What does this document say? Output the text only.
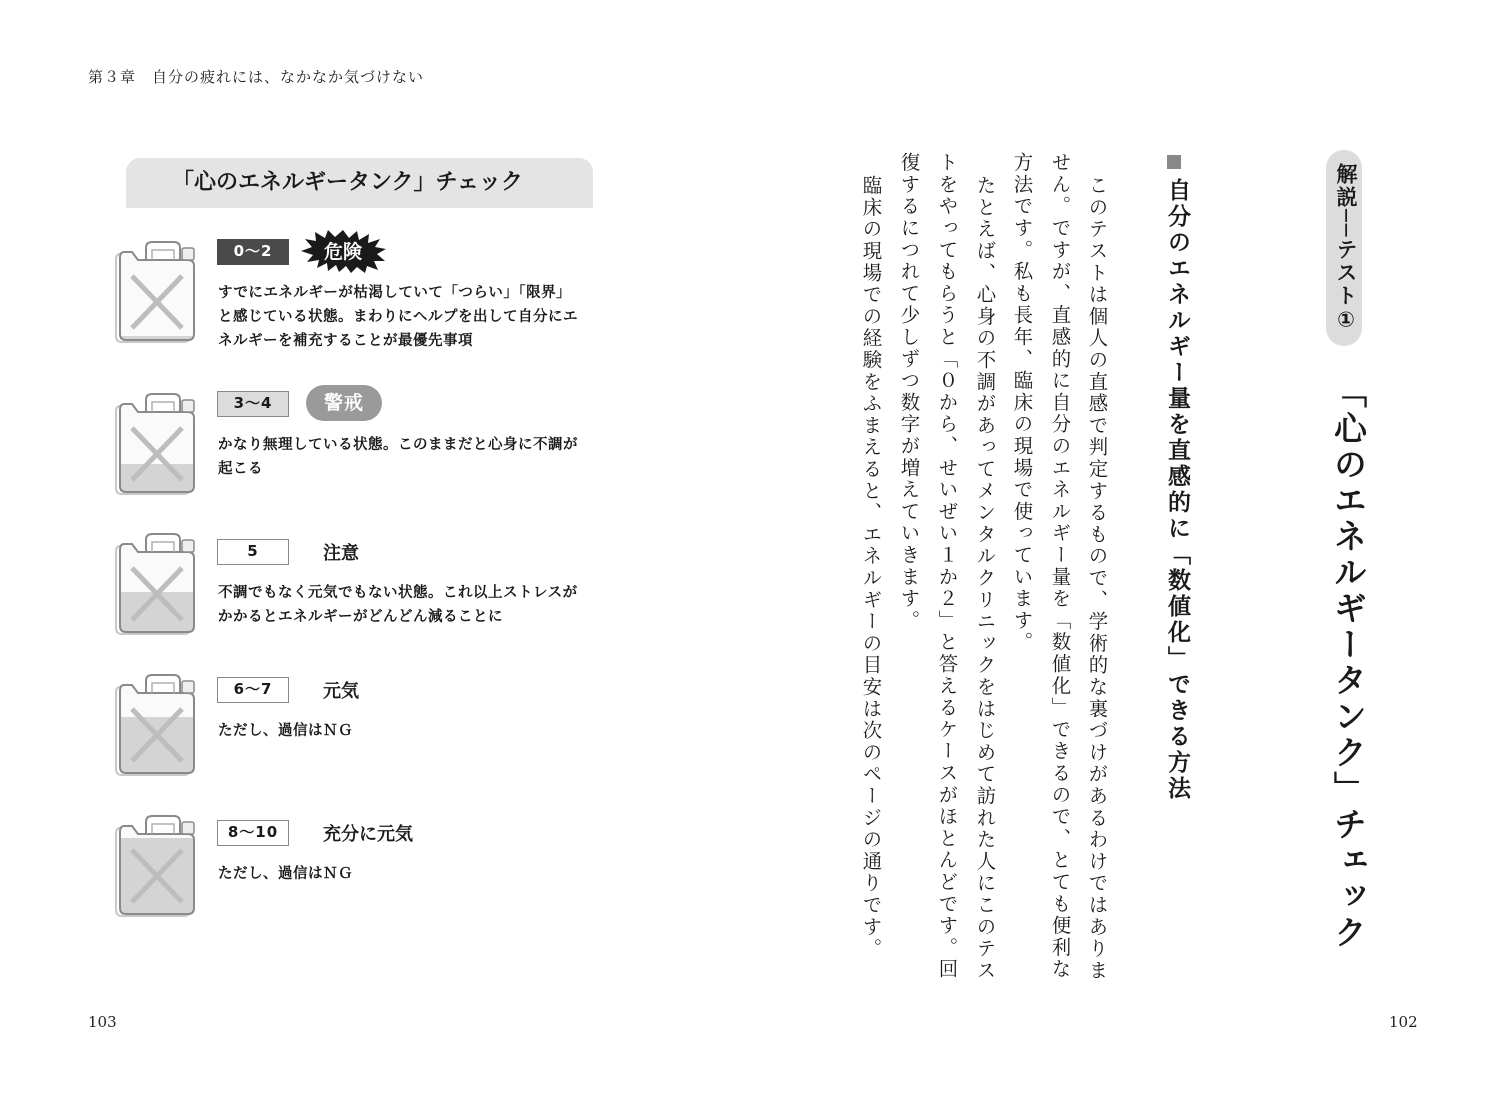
第３章　自分の疲れには、なかなか気づけない
103	102
「心のエネルギータンク」チェック
0～2	危険
すでにエネルギーが枯渇していて「つらい」「限界」
と感じている状態。まわりにヘルプを出して自分にエ
ネルギーを補充することが最優先事項
3～4	警戒
かなり無理している状態。このままだと心身に不調が
起こる
5	注意
不調でもなく元気でもない状態。これ以上ストレスが
かかるとエネルギーがどんどん減ることに
6～7	元気
ただし、過信はＮＧ
8～10	充分に元気
ただし、過信はＮＧ
解説──テスト①
「心のエネルギータンク」チェック
自分のエネルギー量を直感的に「数値化」できる方法
このテストは個人の直感で判定するもので、学術的な裏づけがあるわけではありま
せん。ですが、直感的に自分のエネルギー量を「数値化」できるので、とても便利な
方法です。私も長年、臨床の現場で使っています。
たとえば、心身の不調があってメンタルクリニックをはじめて訪れた人にこのテス
トをやってもらうと「０から、せいぜい１か２」と答えるケースがほとんどです。回
復するにつれて少しずつ数字が増えていきます。
臨床の現場での経験をふまえると、エネルギーの目安は次のページの通りです。
